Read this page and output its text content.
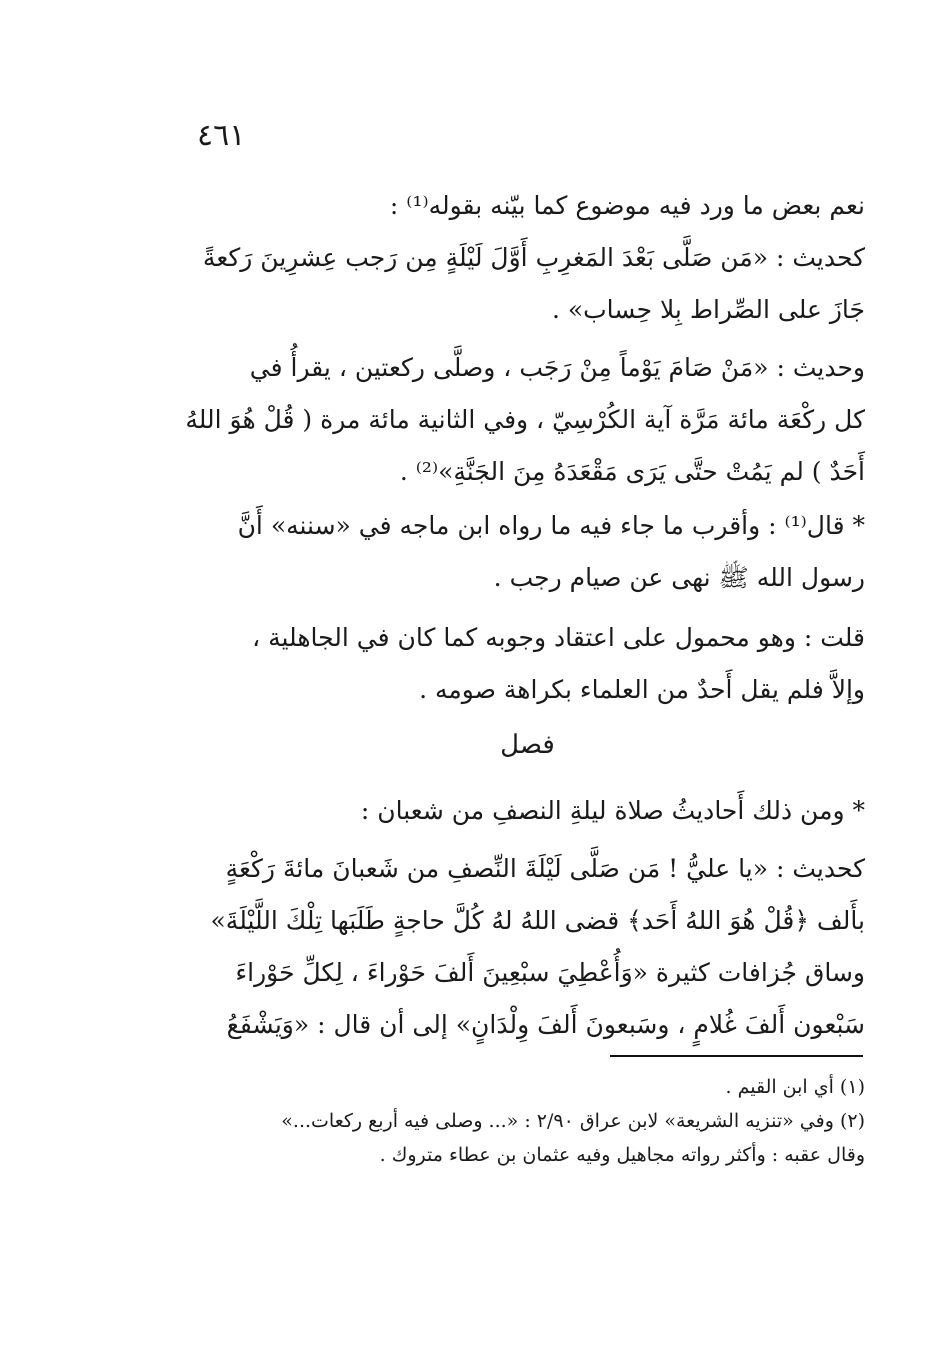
٤٦١
نعم بعض ما ورد فيه موضوع كما بيّنه بقوله⁽¹⁾ :
كحديث : «مَن صَلَّى بَعْدَ المَغرِبِ أَوَّلَ لَيْلَةٍ مِن رَجب عِشرِينَ رَكعةً
جَازَ على الصِّراط بِلا حِساب» .
وحديث : «مَنْ صَامَ يَوْماً مِنْ رَجَب ، وصلَّى ركعتين ، يقرأُ في
كل ركْعَة مائة مَرَّة آية الكُرْسِيّ ، وفي الثانية مائة مرة ( قُلْ هُوَ اللهُ
أَحَدٌ ) لم يَمُتْ حتَّى يَرَى مَقْعَدَهُ مِنَ الجَنَّةِ»⁽²⁾ .
* قال⁽¹⁾ : وأقرب ما جاء فيه ما رواه ابن ماجه في «سننه» أَنَّ
رسول الله ﷺ نهى عن صيام رجب .
قلت : وهو محمول على اعتقاد وجوبه كما كان في الجاهلية ،
وإلاَّ فلم يقل أَحدٌ من العلماء بكراهة صومه .
فصل
* ومن ذلك أَحاديثُ صلاة ليلةِ النصفِ من شعبان :
كحديث : «يا عليُّ ! مَن صَلَّى لَيْلَةَ النِّصفِ من شَعبانَ مائةَ رَكْعَةٍ
بأَلف ﴿قُلْ هُوَ اللهُ أَحَد﴾ قضى اللهُ لهُ كُلَّ حاجةٍ طَلَبَها تِلْكَ اللَّيْلَةَ»
وساق جُزافات كثيرة «وَأُعْطِيَ سبْعِينَ أَلفَ حَوْراءَ ، لِكلِّ حَوْراءَ
سَبْعون أَلفَ غُلامٍ ، وسَبعونَ أَلفَ وِلْدَانٍ» إلى أن قال : «وَيَشْفَعُ
(١) أي ابن القيم .
(٢) وفي «تنزيه الشريعة» لابن عراق ٢/٩٠ : «... وصلى فيه أربع ركعات...»
وقال عقبه : وأكثر رواته مجاهيل وفيه عثمان بن عطاء متروك .
